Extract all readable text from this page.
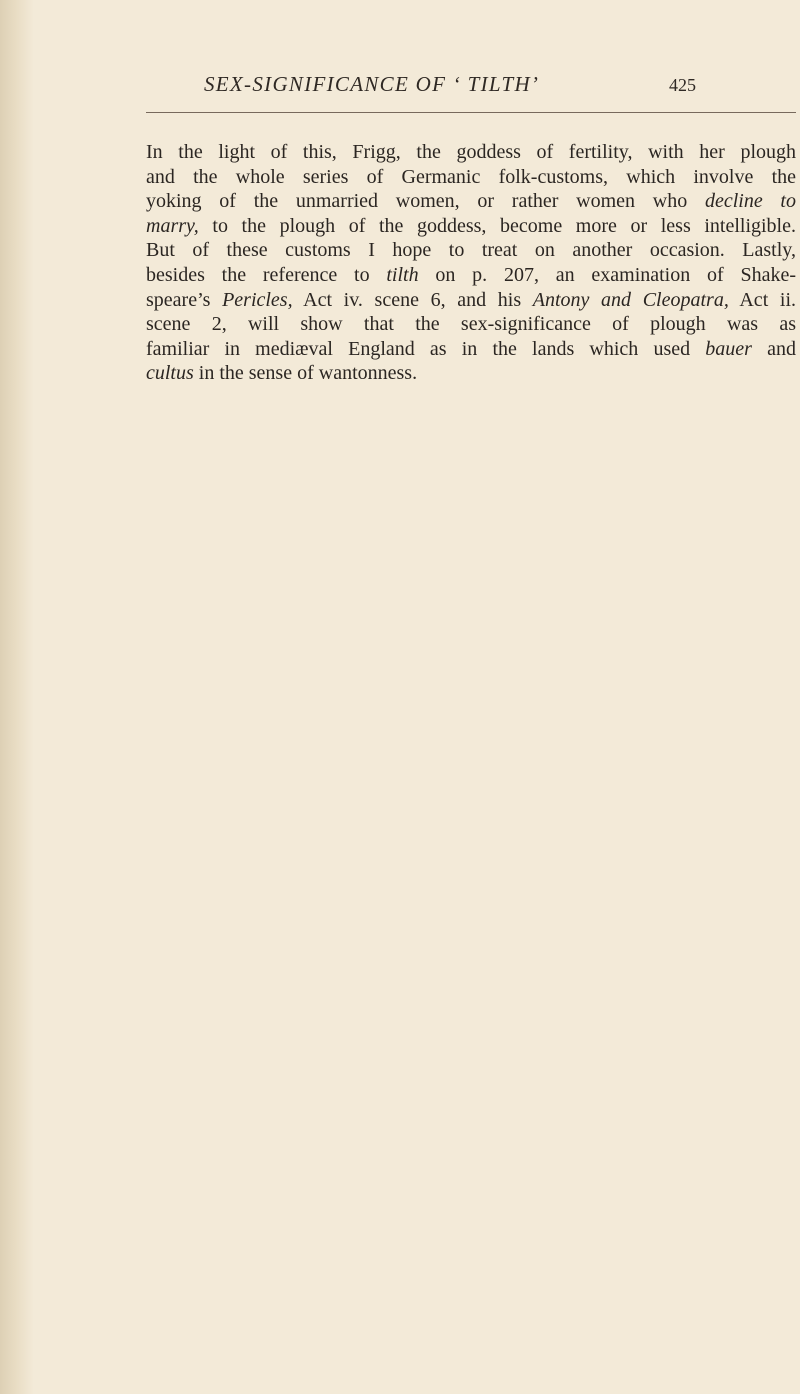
SEX-SIGNIFICANCE OF ‘ TILTH’	425
In the light of this, Frigg, the goddess of fertility, with her plough
and the whole series of Germanic folk-customs, which involve the
yoking of the unmarried women, or rather women who decline to
marry, to the plough of the goddess, become more or less intelligible.
But of these customs I hope to treat on another occasion. Lastly,
besides the reference to tilth on p. 207, an examination of Shake-
speare’s Pericles, Act iv. scene 6, and his Antony and Cleopatra, Act ii.
scene 2, will show that the sex-significance of plough was as
familiar in mediæval England as in the lands which used bauer and
cultus in the sense of wantonness.
